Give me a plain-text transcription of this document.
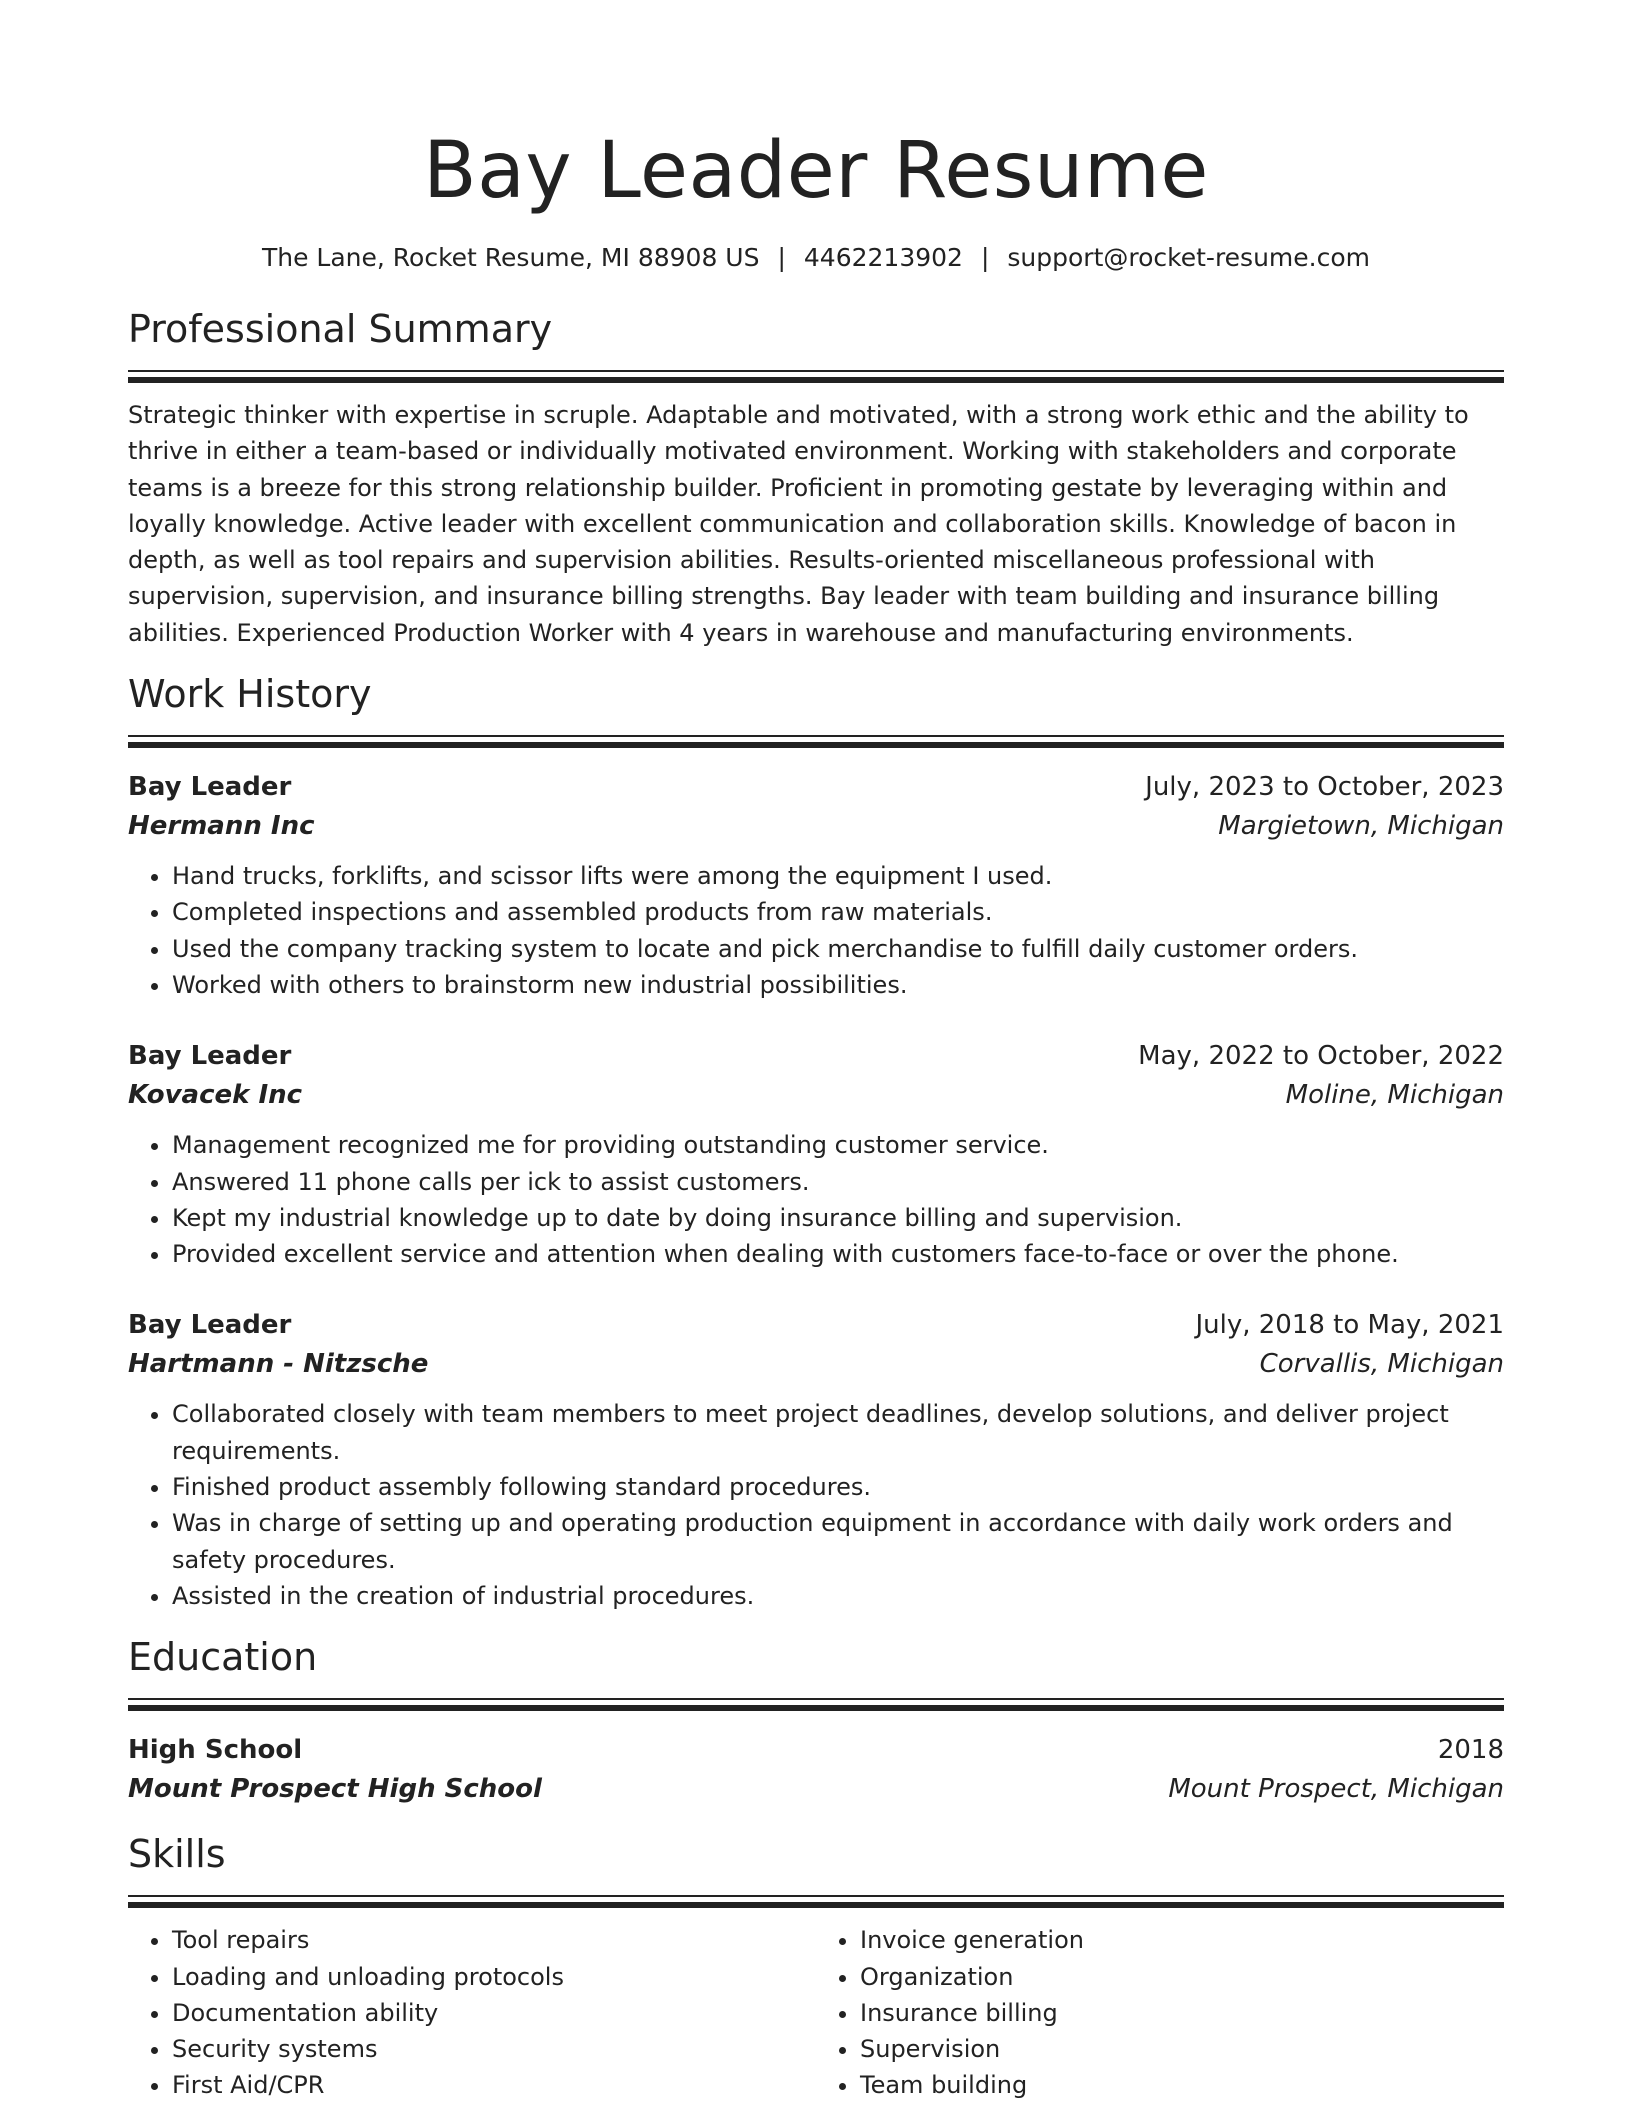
Bay Leader Resume
The Lane, Rocket Resume, MI 88908 US | 4462213902 | support@rocket-resume.com
Professional Summary

Strategic thinker with expertise in scruple. Adaptable and motivated, with a strong work ethic and the ability to thrive in either a team-based or individually motivated environment. Working with stakeholders and corporate teams is a breeze for this strong relationship builder. Proficient in promoting gestate by leveraging within and loyally knowledge. Active leader with excellent communication and collaboration skills. Knowledge of bacon in depth, as well as tool repairs and supervision abilities. Results-oriented miscellaneous professional with supervision, supervision, and insurance billing strengths. Bay leader with team building and insurance billing abilities. Experienced Production Worker with 4 years in warehouse and manufacturing environments.

Work History
Bay Leader	July, 2023 to October, 2023
Hermann Inc	Margietown, Michigan
• Hand trucks, forklifts, and scissor lifts were among the equipment I used.
• Completed inspections and assembled products from raw materials.
• Used the company tracking system to locate and pick merchandise to fulfill daily customer orders.
• Worked with others to brainstorm new industrial possibilities.
Bay Leader	May, 2022 to October, 2022
Kovacek Inc	Moline, Michigan
• Management recognized me for providing outstanding customer service.
• Answered 11 phone calls per ick to assist customers.
• Kept my industrial knowledge up to date by doing insurance billing and supervision.
• Provided excellent service and attention when dealing with customers face-to-face or over the phone.
Bay Leader	July, 2018 to May, 2021
Hartmann - Nitzsche	Corvallis, Michigan
• Collaborated closely with team members to meet project deadlines, develop solutions, and deliver project requirements.
• Finished product assembly following standard procedures.
• Was in charge of setting up and operating production equipment in accordance with daily work orders and safety procedures.
• Assisted in the creation of industrial procedures.
Education
High School	2018
Mount Prospect High School	Mount Prospect, Michigan
Skills
• Tool repairs
• Loading and unloading protocols
• Documentation ability
• Security systems
• First Aid/CPR
• Invoice generation
• Organization
• Insurance billing
• Supervision
• Team building
